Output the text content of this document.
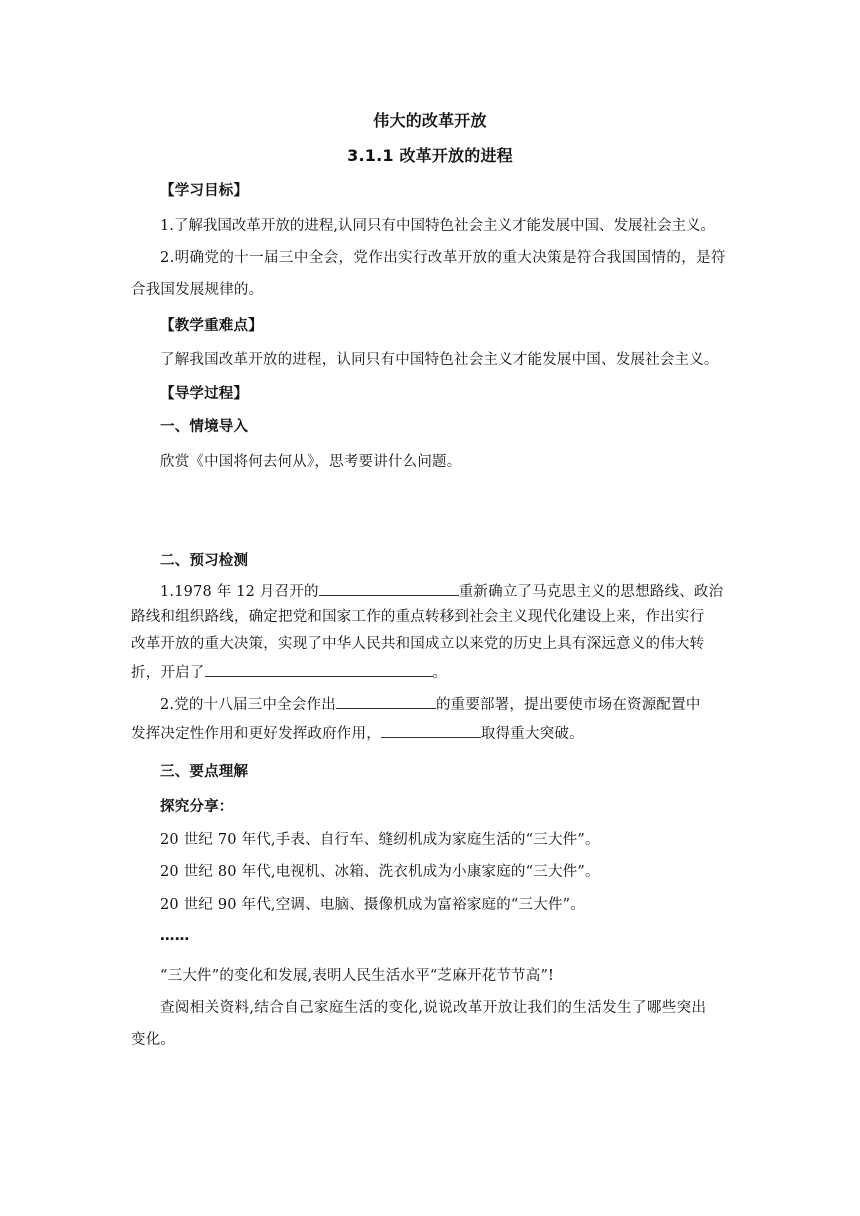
伟大的改革开放
3.1.1 改革开放的进程
【学习目标】
1.了解我国改革开放的进程,认同只有中国特色社会主义才能发展中国、发展社会主义。
2.明确党的十一届三中全会，党作出实行改革开放的重大决策是符合我国国情的，是符
合我国发展规律的。
【教学重难点】
了解我国改革开放的进程，认同只有中国特色社会主义才能发展中国、发展社会主义。
【导学过程】
一、情境导入
欣赏《中国将何去何从》，思考要讲什么问题。
二、预习检测
1.1978 年 12 月召开的	重新确立了马克思主义的思想路线、政治
路线和组织路线，确定把党和国家工作的重点转移到社会主义现代化建设上来，作出实行
改革开放的重大决策，实现了中华人民共和国成立以来党的历史上具有深远意义的伟大转
折，开启了	。
2.党的十八届三中全会作出	的重要部署，提出要使市场在资源配置中
发挥决定性作用和更好发挥政府作用，	取得重大突破。
三、要点理解
探究分享：
20 世纪 70 年代,手表、自行车、缝纫机成为家庭生活的“三大件”。
20 世纪 80 年代,电视机、冰箱、洗衣机成为小康家庭的“三大件”。
20 世纪 90 年代,空调、电脑、摄像机成为富裕家庭的“三大件”。
……
“三大件”的变化和发展,表明人民生活水平“芝麻开花节节高”!
查阅相关资料,结合自己家庭生活的变化,说说改革开放让我们的生活发生了哪些突出
变化。
